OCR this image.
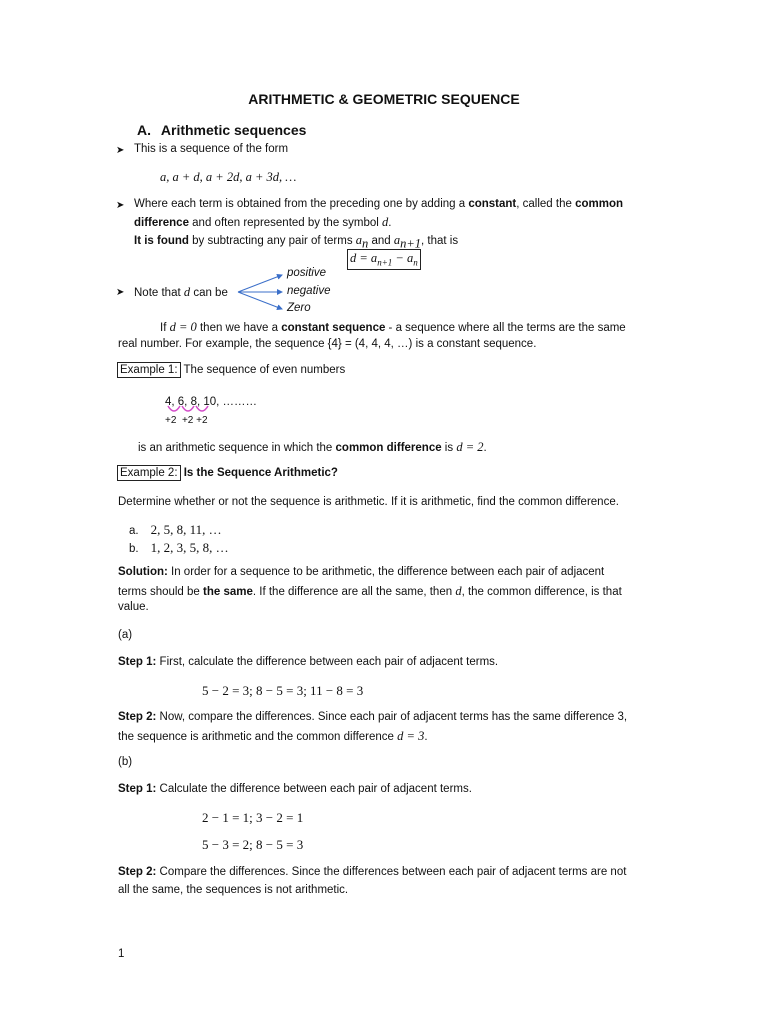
ARITHMETIC & GEOMETRIC SEQUENCE
A. Arithmetic sequences
➤ This is a sequence of the form
a, a + d, a + 2d, a + 3d, …
➤ Where each term is obtained from the preceding one by adding a constant, called the common
difference and often represented by the symbol d.
It is found by subtracting any pair of terms $a_n$ and $a_{n+1}$, that is
$d = a_{n+1} - a_n$
➤ Note that d can be
positive
negative
Zero
If d = 0 then we have a constant sequence - a sequence where all the terms are the same
real number. For example, the sequence {4} = (4, 4, 4, …) is a constant sequence.
Example 1: The sequence of even numbers
4, 6, 8, 10, ………
+2  +2 +2
is an arithmetic sequence in which the common difference is d = 2.
Example 2: Is the Sequence Arithmetic?
Determine whether or not the sequence is arithmetic. If it is arithmetic, find the common difference.
a. 2, 5, 8, 11, …
b. 1, 2, 3, 5, 8, …
Solution: In order for a sequence to be arithmetic, the difference between each pair of adjacent
terms should be the same. If the difference are all the same, then d, the common difference, is that
value.
(a)
Step 1: First, calculate the difference between each pair of adjacent terms.
5 − 2 = 3; 8 − 5 = 3; 11 − 8 = 3
Step 2: Now, compare the differences. Since each pair of adjacent terms has the same difference 3,
the sequence is arithmetic and the common difference d = 3.
(b)
Step 1: Calculate the difference between each pair of adjacent terms.
2 − 1 = 1; 3 − 2 = 1
5 − 3 = 2; 8 − 5 = 3
Step 2: Compare the differences. Since the differences between each pair of adjacent terms are not
all the same, the sequences is not arithmetic.
1
